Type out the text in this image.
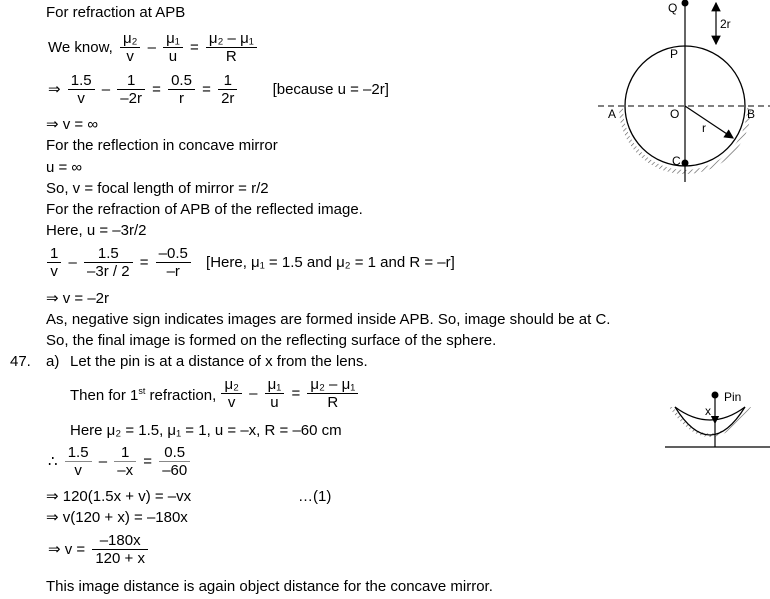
For refraction at APB
We know, $\frac{\text{μ₂}}{v} - \frac{\text{μ₁}}{u} = \frac{\text{μ₂ – μ₁}}{R}$
⇒ $\frac{1.5}{v} - \frac{1}{-2r} = \frac{0.5}{r} = \frac{1}{2r}$ [because u = –2r]
⇒ v = ∞
For the reflection in concave mirror
u = ∞
So, v = focal length of mirror = r/2
For the refraction of APB of the reflected image.
Here, u = –3r/2
$\frac{1}{v} - \frac{1.5}{-3r / 2} = \frac{-0.5}{-r}$ [Here, μ₁ = 1.5 and μ₂ = 1 and R = –r]
⇒ v = –2r
As, negative sign indicates images are formed inside APB. So, image should be at C.
So, the final image is formed on the reflecting surface of the sphere.
47. a) Let the pin is at a distance of x from the lens.
Then for 1st refraction, $\frac{\text{μ₂}}{v} - \frac{\text{μ₁}}{u} = \frac{\text{μ₂ – μ₁}}{R}$
Here μ₂ = 1.5, μ₁ = 1, u = –x, R = –60 cm
∴ $\frac{1.5}{v} - \frac{1}{-x} = \frac{0.5}{-60}$
⇒ 120(1.5x + v) = –vx	…(1)
⇒ v(120 + x) = –180x
⇒ $v = \frac{-180x}{120 + x}$
This image distance is again object distance for the concave mirror.
Q
P
2r
A	O	B
r
C
Pin
x
